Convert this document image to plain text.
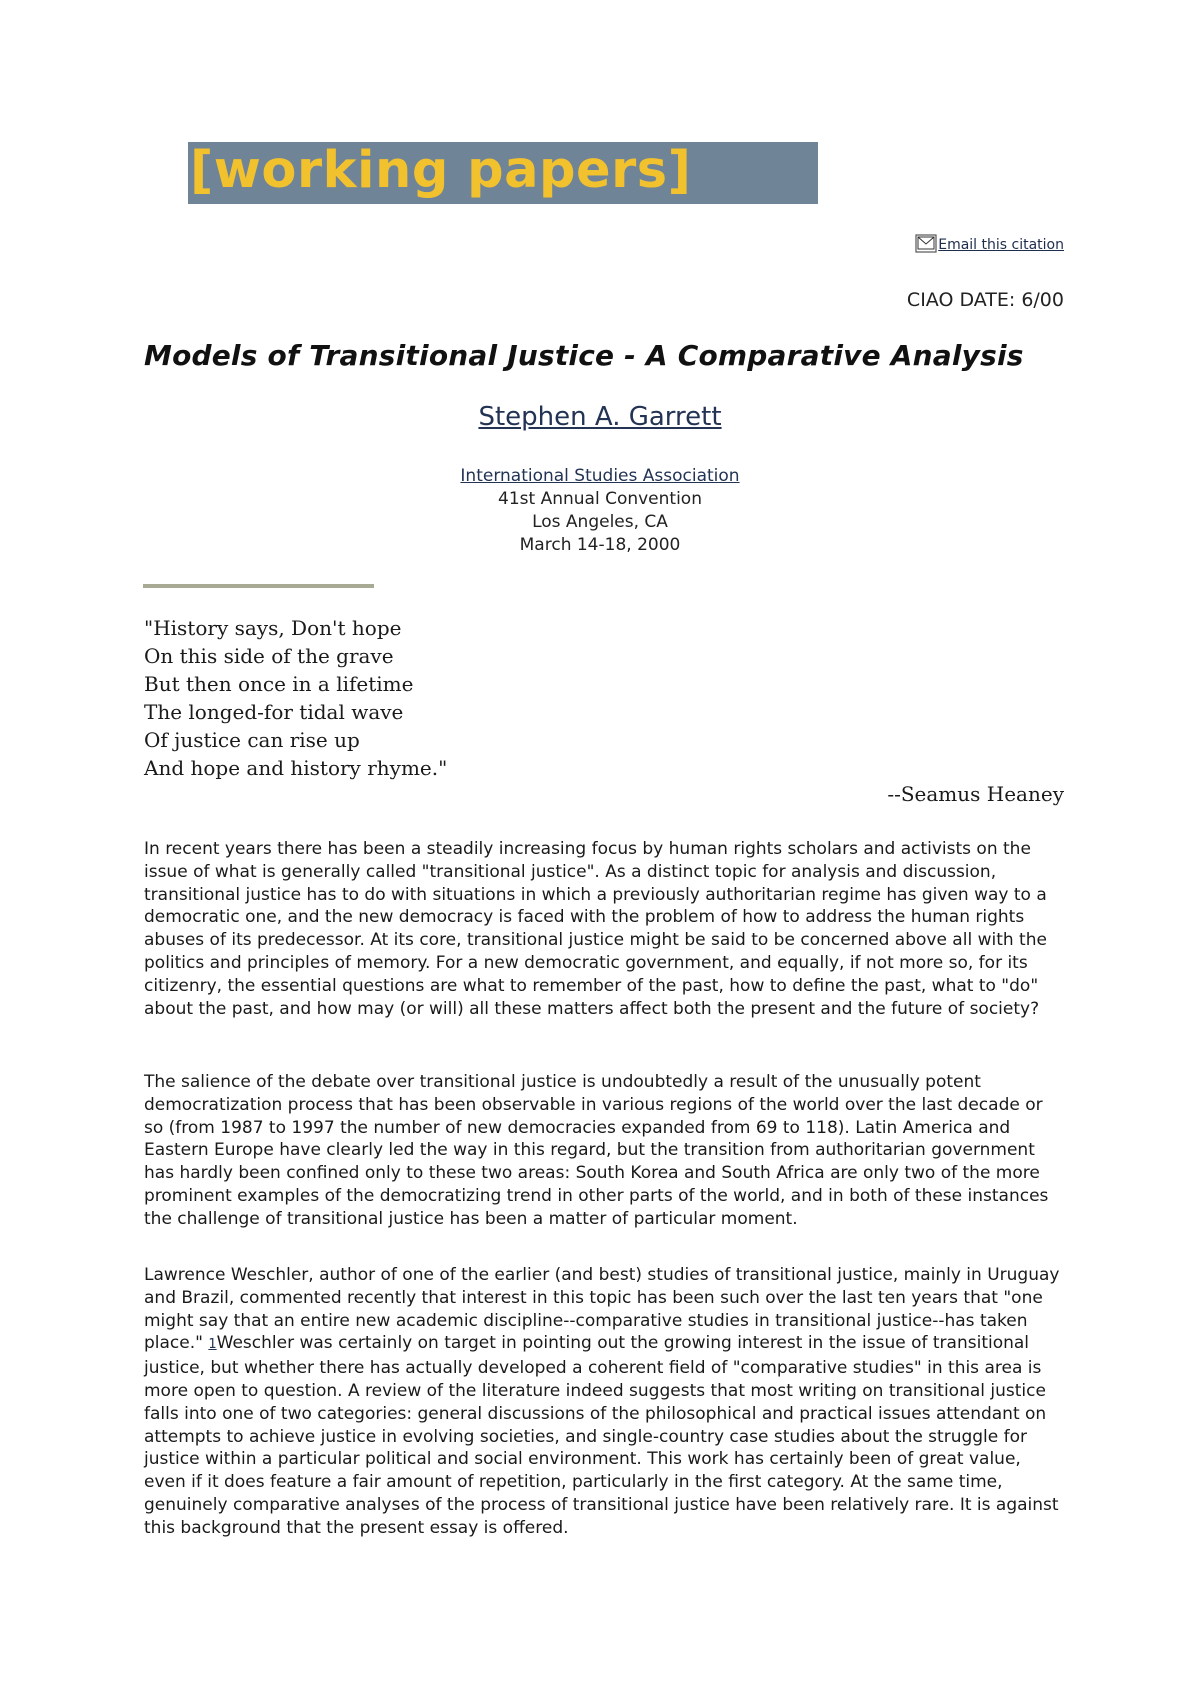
[working papers]
Email this citation
CIAO DATE: 6/00
Models of Transitional Justice - A Comparative Analysis
Stephen A. Garrett
International Studies Association
41st Annual Convention
Los Angeles, CA
March 14-18, 2000
"History says, Don't hope
On this side of the grave
But then once in a lifetime
The longed-for tidal wave
Of justice can rise up
And hope and history rhyme."
--Seamus Heaney

In recent years there has been a steadily increasing focus by human rights scholars and activists on the issue of what is generally called "transitional justice". As a distinct topic for analysis and discussion, transitional justice has to do with situations in which a previously authoritarian regime has given way to a democratic one, and the new democracy is faced with the problem of how to address the human rights abuses of its predecessor. At its core, transitional justice might be said to be concerned above all with the politics and principles of memory. For a new democratic government, and equally, if not more so, for its citizenry, the essential questions are what to remember of the past, how to define the past, what to "do" about the past, and how may (or will) all these matters affect both the present and the future of society?

The salience of the debate over transitional justice is undoubtedly a result of the unusually potent democratization process that has been observable in various regions of the world over the last decade or so (from 1987 to 1997 the number of new democracies expanded from 69 to 118). Latin America and Eastern Europe have clearly led the way in this regard, but the transition from authoritarian government has hardly been confined only to these two areas: South Korea and South Africa are only two of the more prominent examples of the democratizing trend in other parts of the world, and in both of these instances the challenge of transitional justice has been a matter of particular moment.

Lawrence Weschler, author of one of the earlier (and best) studies of transitional justice, mainly in Uruguay and Brazil, commented recently that interest in this topic has been such over the last ten years that "one might say that an entire new academic discipline--comparative studies in transitional justice--has taken place." 1Weschler was certainly on target in pointing out the growing interest in the issue of transitional justice, but whether there has actually developed a coherent field of "comparative studies" in this area is more open to question. A review of the literature indeed suggests that most writing on transitional justice falls into one of two categories: general discussions of the philosophical and practical issues attendant on attempts to achieve justice in evolving societies, and single-country case studies about the struggle for justice within a particular political and social environment. This work has certainly been of great value, even if it does feature a fair amount of repetition, particularly in the first category. At the same time, genuinely comparative analyses of the process of transitional justice have been relatively rare. It is against this background that the present essay is offered.
